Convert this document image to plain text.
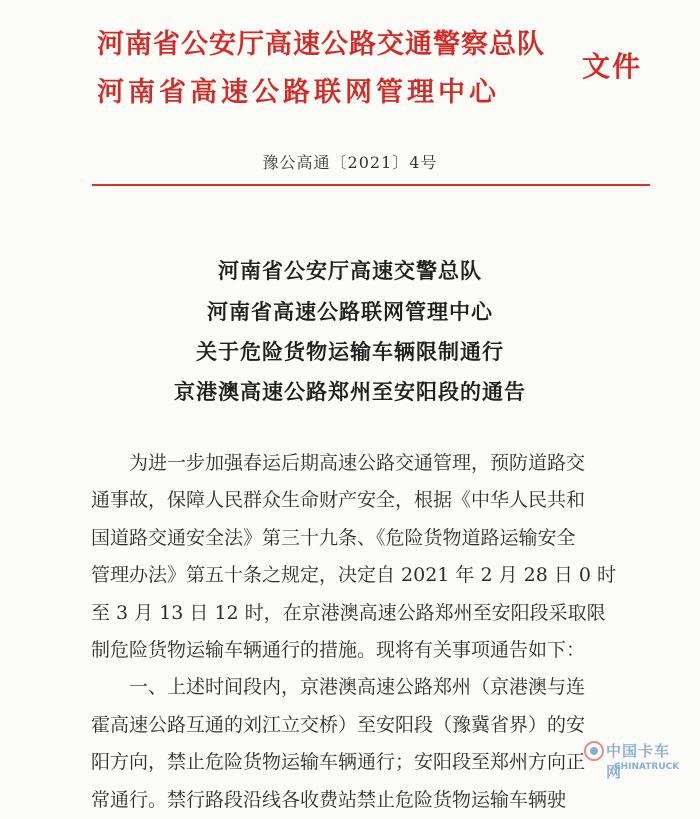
河南省公安厅高速公路交通警察总队
河南省高速公路联网管理中心
文件
豫公高通〔2021〕4号
河南省公安厅高速交警总队
河南省高速公路联网管理中心
关于危险货物运输车辆限制通行
京港澳高速公路郑州至安阳段的通告
为进一步加强春运后期高速公路交通管理，预防道路交
通事故，保障人民群众生命财产安全，根据《中华人民共和
国道路交通安全法》第三十九条、《危险货物道路运输安全
管理办法》第五十条之规定，决定自 2021 年 2 月 28 日 0 时
至 3 月 13 日 12 时，在京港澳高速公路郑州至安阳段采取限
制危险货物运输车辆通行的措施。现将有关事项通告如下：
一、上述时间段内，京港澳高速公路郑州（京港澳与连
霍高速公路互通的刘江立交桥）至安阳段（豫冀省界）的安
阳方向，禁止危险货物运输车辆通行；安阳段至郑州方向正
常通行。禁行路段沿线各收费站禁止危险货物运输车辆驶
中国卡车网
CHINATRUCK
